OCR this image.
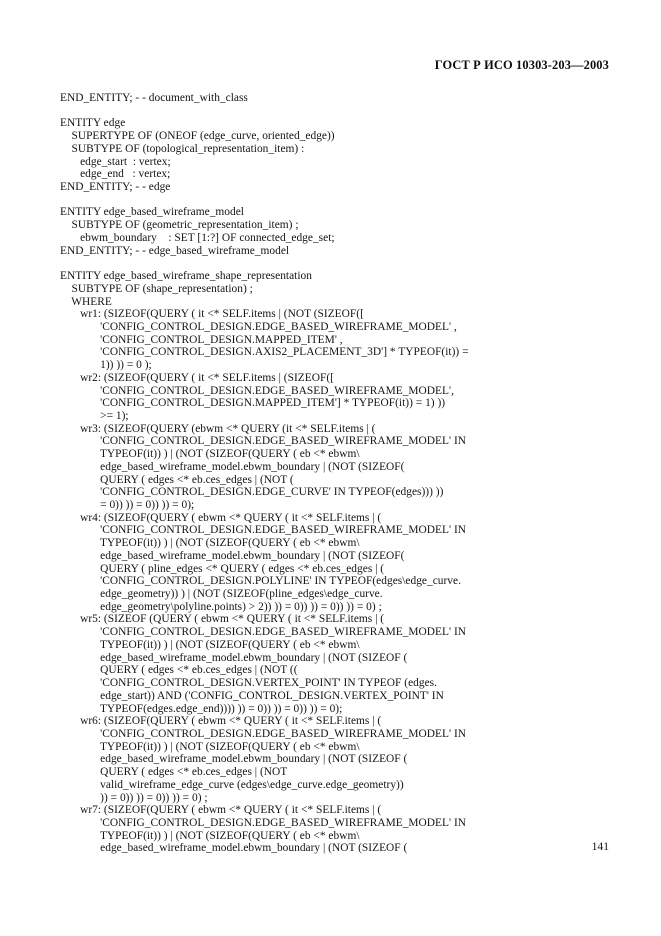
ГОСТ Р ИСО 10303-203—2003
END_ENTITY; - - document_with_class

ENTITY edge
SUPERTYPE OF (ONEOF (edge_curve, oriented_edge))
SUBTYPE OF (topological_representation_item) :
edge_start  : vertex;
edge_end   : vertex;
END_ENTITY; - - edge

ENTITY edge_based_wireframe_model
SUBTYPE OF (geometric_representation_item) ;
ebwm_boundary    : SET [1:?] OF connected_edge_set;
END_ENTITY; - - edge_based_wireframe_model

ENTITY edge_based_wireframe_shape_representation
SUBTYPE OF (shape_representation) ;
WHERE
wr1: (SIZEOF(QUERY ( it <* SELF.items | (NOT (SIZEOF([
'CONFIG_CONTROL_DESIGN.EDGE_BASED_WIREFRAME_MODEL' ,
'CONFIG_CONTROL_DESIGN.MAPPED_ITEM' ,
'CONFIG_CONTROL_DESIGN.AXIS2_PLACEMENT_3D'] * TYPEOF(it)) =
1)) )) = 0 );
wr2: (SIZEOF(QUERY ( it <* SELF.items | (SIZEOF([
'CONFIG_CONTROL_DESIGN.EDGE_BASED_WIREFRAME_MODEL',
'CONFIG_CONTROL_DESIGN.MAPPED_ITEM'] * TYPEOF(it)) = 1) ))
>= 1);
wr3: (SIZEOF(QUERY (ebwm <* QUERY (it <* SELF.items | (
'CONFIG_CONTROL_DESIGN.EDGE_BASED_WIREFRAME_MODEL' IN
TYPEOF(it)) ) | (NOT (SIZEOF(QUERY ( eb <* ebwm\
edge_based_wireframe_model.ebwm_boundary | (NOT (SIZEOF(
QUERY ( edges <* eb.ces_edges | (NOT (
'CONFIG_CONTROL_DESIGN.EDGE_CURVE' IN TYPEOF(edges))) ))
= 0)) )) = 0)) )) = 0);
wr4: (SIZEOF(QUERY ( ebwm <* QUERY ( it <* SELF.items | (
'CONFIG_CONTROL_DESIGN.EDGE_BASED_WIREFRAME_MODEL' IN
TYPEOF(it)) ) | (NOT (SIZEOF(QUERY ( eb <* ebwm\
edge_based_wireframe_model.ebwm_boundary | (NOT (SIZEOF(
QUERY ( pline_edges <* QUERY ( edges <* eb.ces_edges | (
'CONFIG_CONTROL_DESIGN.POLYLINE' IN TYPEOF(edges\edge_curve.
edge_geometry)) ) | (NOT (SIZEOF(pline_edges\edge_curve.
edge_geometry\polyline.points) > 2)) )) = 0)) )) = 0)) )) = 0) ;
wr5: (SIZEOF (QUERY ( ebwm <* QUERY ( it <* SELF.items | (
'CONFIG_CONTROL_DESIGN.EDGE_BASED_WIREFRAME_MODEL' IN
TYPEOF(it)) ) | (NOT (SIZEOF(QUERY ( eb <* ebwm\
edge_based_wireframe_model.ebwm_boundary | (NOT (SIZEOF (
QUERY ( edges <* eb.ces_edges | (NOT ((
'CONFIG_CONTROL_DESIGN.VERTEX_POINT' IN TYPEOF (edges.
edge_start)) AND ('CONFIG_CONTROL_DESIGN.VERTEX_POINT' IN
TYPEOF(edges.edge_end)))) )) = 0)) )) = 0)) )) = 0);
wr6: (SIZEOF(QUERY ( ebwm <* QUERY ( it <* SELF.items | (
'CONFIG_CONTROL_DESIGN.EDGE_BASED_WIREFRAME_MODEL' IN
TYPEOF(it)) ) | (NOT (SIZEOF(QUERY ( eb <* ebwm\
edge_based_wireframe_model.ebwm_boundary | (NOT (SIZEOF (
QUERY ( edges <* eb.ces_edges | (NOT
valid_wireframe_edge_curve (edges\edge_curve.edge_geometry))
)) = 0)) )) = 0)) )) = 0) ;
wr7: (SIZEOF(QUERY ( ebwm <* QUERY ( it <* SELF.items | (
'CONFIG_CONTROL_DESIGN.EDGE_BASED_WIREFRAME_MODEL' IN
TYPEOF(it)) ) | (NOT (SIZEOF(QUERY ( eb <* ebwm\
edge_based_wireframe_model.ebwm_boundary | (NOT (SIZEOF (	141
